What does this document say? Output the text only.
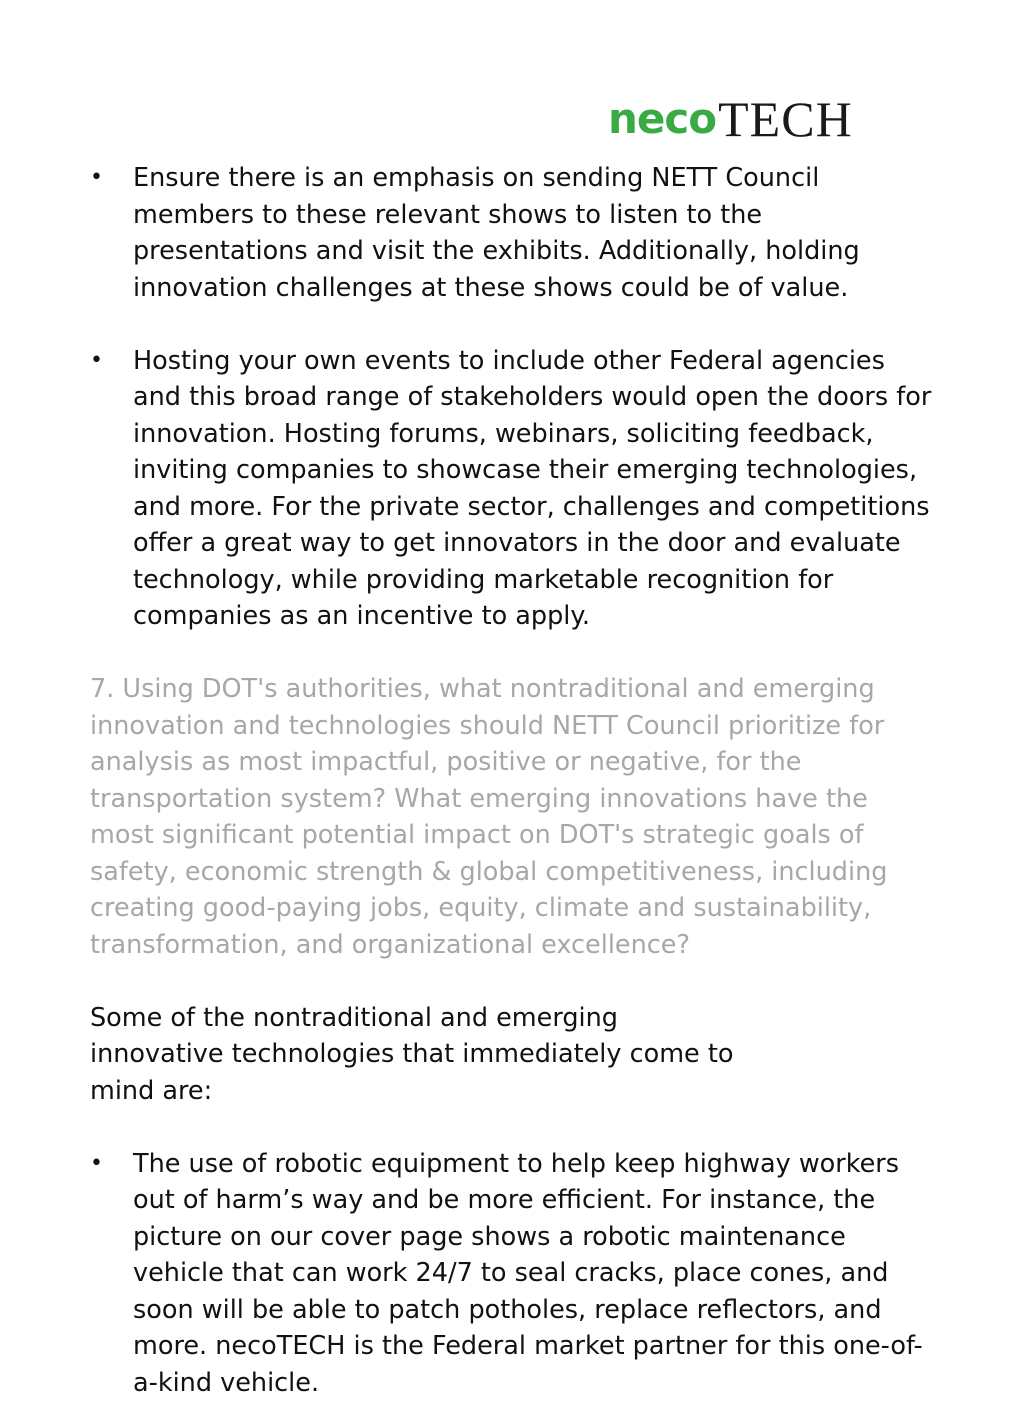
neco TECH
• Ensure there is an emphasis on sending NETT Council members to these relevant shows to listen to the presentations and visit the exhibits. Additionally, holding innovation challenges at these shows could be of value.

• Hosting your own events to include other Federal agencies and this broad range of stakeholders would open the doors for innovation. Hosting forums, webinars, soliciting feedback, inviting companies to showcase their emerging technologies, and more. For the private sector, challenges and competitions offer a great way to get innovators in the door and evaluate technology, while providing marketable recognition for companies as an incentive to apply.

7. Using DOT's authorities, what nontraditional and emerging innovation and technologies should NETT Council prioritize for analysis as most impactful, positive or negative, for the transportation system? What emerging innovations have the most significant potential impact on DOT's strategic goals of safety, economic strength & global competitiveness, including creating good-paying jobs, equity, climate and sustainability, transformation, and organizational excellence?

Some of the nontraditional and emerging innovative technologies that immediately come to mind are:

• The use of robotic equipment to help keep highway workers out of harm’s way and be more efficient. For instance, the picture on our cover page shows a robotic maintenance vehicle that can work 24/7 to seal cracks, place cones, and soon will be able to patch potholes, replace reflectors, and more. necoTECH is the Federal market partner for this one-of-a-kind vehicle.
